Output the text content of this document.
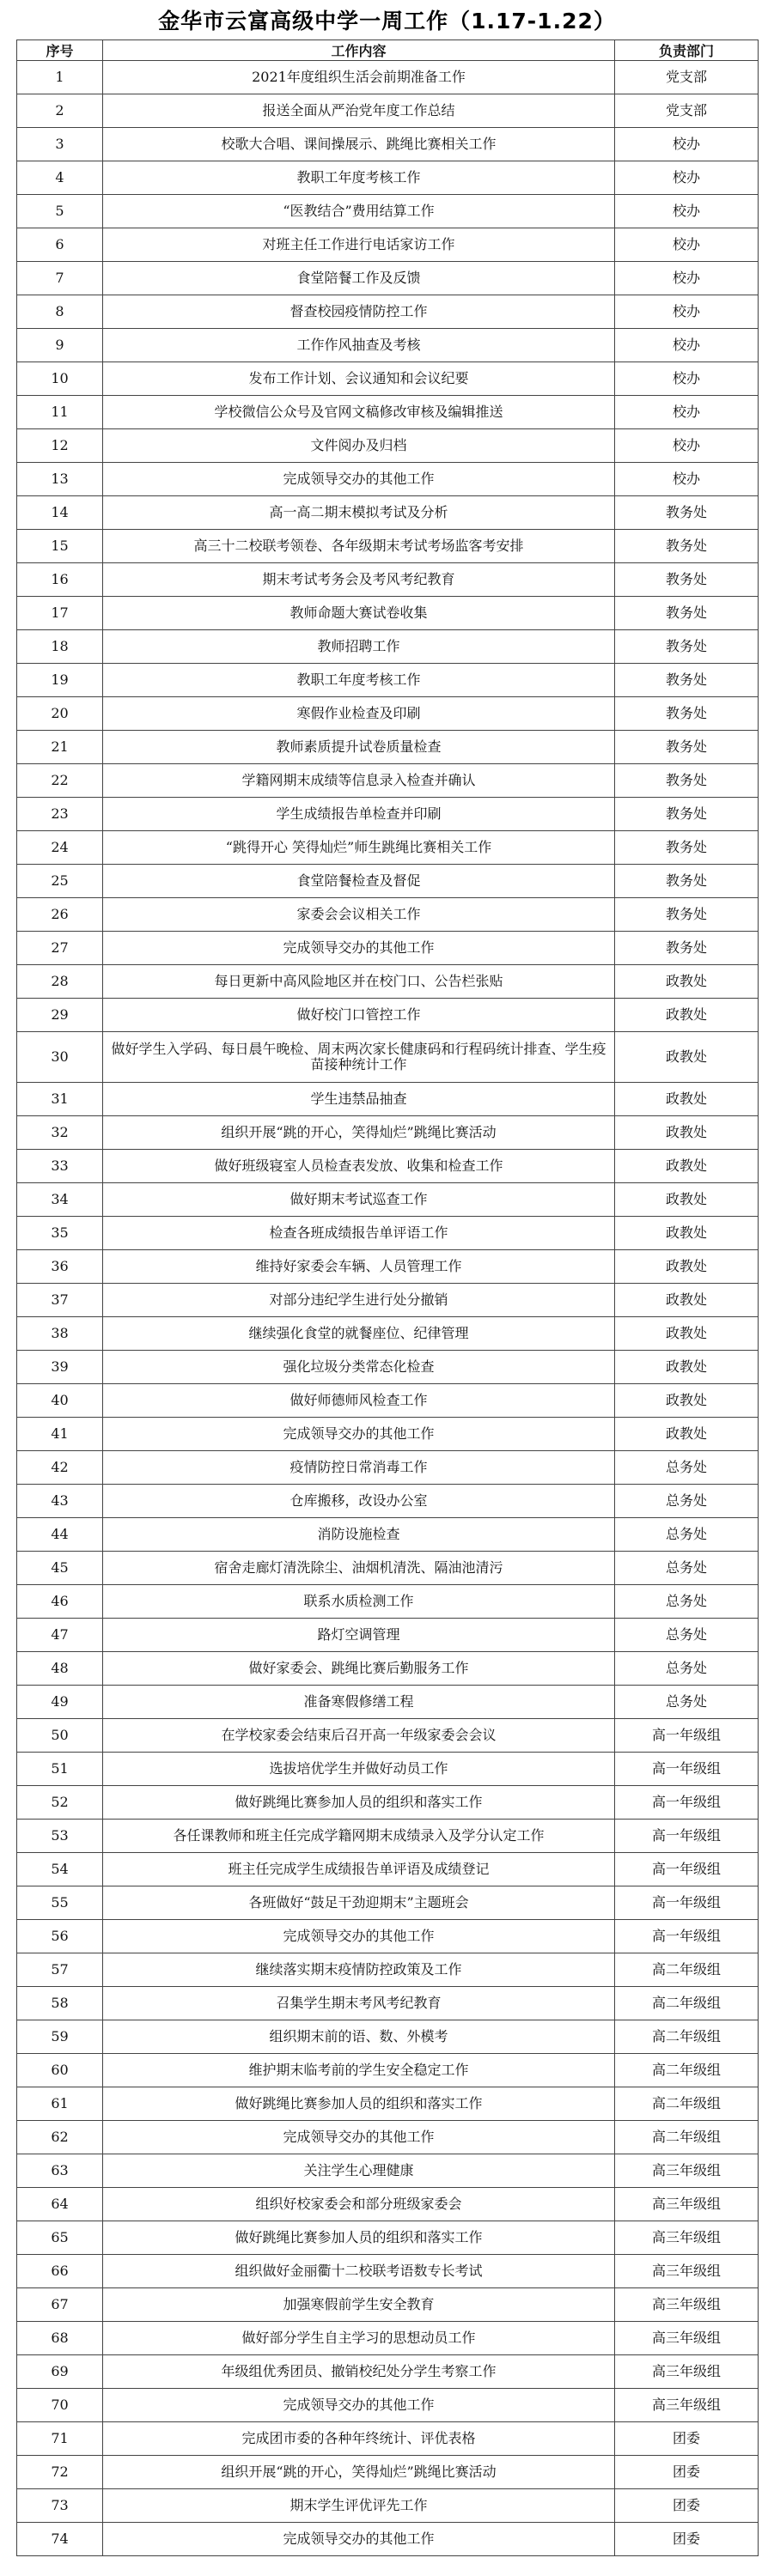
金华市云富高级中学一周工作（1.17-1.22）
序号	工作内容	负责部门
1	2021年度组织生活会前期准备工作	党支部
2	报送全面从严治党年度工作总结	党支部
3	校歌大合唱、课间操展示、跳绳比赛相关工作	校办
4	教职工年度考核工作	校办
5	“医教结合”费用结算工作	校办
6	对班主任工作进行电话家访工作	校办
7	食堂陪餐工作及反馈	校办
8	督查校园疫情防控工作	校办
9	工作作风抽查及考核	校办
10	发布工作计划、会议通知和会议纪要	校办
11	学校微信公众号及官网文稿修改审核及编辑推送	校办
12	文件阅办及归档	校办
13	完成领导交办的其他工作	校办
14	高一高二期末模拟考试及分析	教务处
15	高三十二校联考领卷、各年级期末考试考场监客考安排	教务处
16	期末考试考务会及考风考纪教育	教务处
17	教师命题大赛试卷收集	教务处
18	教师招聘工作	教务处
19	教职工年度考核工作	教务处
20	寒假作业检查及印刷	教务处
21	教师素质提升试卷质量检查	教务处
22	学籍网期末成绩等信息录入检查并确认	教务处
23	学生成绩报告单检查并印刷	教务处
24	“跳得开心 笑得灿烂”师生跳绳比赛相关工作	教务处
25	食堂陪餐检查及督促	教务处
26	家委会会议相关工作	教务处
27	完成领导交办的其他工作	教务处
28	每日更新中高风险地区并在校门口、公告栏张贴	政教处
29	做好校门口管控工作	政教处
30	做好学生入学码、每日晨午晚检、周末两次家长健康码和行程码统计排查、学生疫苗接种统计工作	政教处
31	学生违禁品抽查	政教处
32	组织开展“跳的开心，笑得灿烂”跳绳比赛活动	政教处
33	做好班级寝室人员检查表发放、收集和检查工作	政教处
34	做好期末考试巡查工作	政教处
35	检查各班成绩报告单评语工作	政教处
36	维持好家委会车辆、人员管理工作	政教处
37	对部分违纪学生进行处分撤销	政教处
38	继续强化食堂的就餐座位、纪律管理	政教处
39	强化垃圾分类常态化检查	政教处
40	做好师德师风检查工作	政教处
41	完成领导交办的其他工作	政教处
42	疫情防控日常消毒工作	总务处
43	仓库搬移，改设办公室	总务处
44	消防设施检查	总务处
45	宿舍走廊灯清洗除尘、油烟机清洗、隔油池清污	总务处
46	联系水质检测工作	总务处
47	路灯空调管理	总务处
48	做好家委会、跳绳比赛后勤服务工作	总务处
49	准备寒假修缮工程	总务处
50	在学校家委会结束后召开高一年级家委会会议	高一年级组
51	选拔培优学生并做好动员工作	高一年级组
52	做好跳绳比赛参加人员的组织和落实工作	高一年级组
53	各任课教师和班主任完成学籍网期末成绩录入及学分认定工作	高一年级组
54	班主任完成学生成绩报告单评语及成绩登记	高一年级组
55	各班做好“鼓足干劲迎期末”主题班会	高一年级组
56	完成领导交办的其他工作	高一年级组
57	继续落实期末疫情防控政策及工作	高二年级组
58	召集学生期末考风考纪教育	高二年级组
59	组织期末前的语、数、外模考	高二年级组
60	维护期末临考前的学生安全稳定工作	高二年级组
61	做好跳绳比赛参加人员的组织和落实工作	高二年级组
62	完成领导交办的其他工作	高二年级组
63	关注学生心理健康	高三年级组
64	组织好校家委会和部分班级家委会	高三年级组
65	做好跳绳比赛参加人员的组织和落实工作	高三年级组
66	组织做好金丽衢十二校联考语数专长考试	高三年级组
67	加强寒假前学生安全教育	高三年级组
68	做好部分学生自主学习的思想动员工作	高三年级组
69	年级组优秀团员、撤销校纪处分学生考察工作	高三年级组
70	完成领导交办的其他工作	高三年级组
71	完成团市委的各种年终统计、评优表格	团委
72	组织开展“跳的开心，笑得灿烂”跳绳比赛活动	团委
73	期末学生评优评先工作	团委
74	完成领导交办的其他工作	团委
